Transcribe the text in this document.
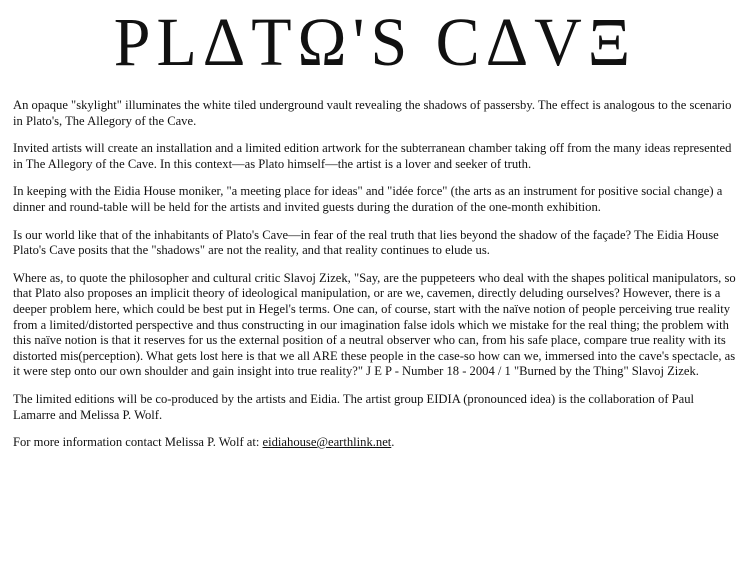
PLΔTΩ'S CΔVΞ

An opaque "skylight" illuminates the white tiled underground vault revealing the shadows of passersby. The effect is analogous to the scenario in Plato's, The Allegory of the Cave.

Invited artists will create an installation and a limited edition artwork for the subterranean chamber taking off from the many ideas represented in The Allegory of the Cave. In this context—as Plato himself—the artist is a lover and seeker of truth.

In keeping with the Eidia House moniker, "a meeting place for ideas" and "idée force" (the arts as an instrument for positive social change) a dinner and round-table will be held for the artists and invited guests during the duration of the one-month exhibition.

Is our world like that of the inhabitants of Plato's Cave—in fear of the real truth that lies beyond the shadow of the façade? The Eidia House Plato's Cave posits that the "shadows" are not the reality, and that reality continues to elude us.

Where as, to quote the philosopher and cultural critic Slavoj Zizek, "Say, are the puppeteers who deal with the shapes political manipulators, so that Plato also proposes an implicit theory of ideological manipulation, or are we, cavemen, directly deluding ourselves? However, there is a deeper problem here, which could be best put in Hegel's terms. One can, of course, start with the naïve notion of people perceiving true reality from a limited/distorted perspective and thus constructing in our imagination false idols which we mistake for the real thing; the problem with this naïve notion is that it reserves for us the external position of a neutral observer who can, from his safe place, compare true reality with its distorted mis(perception). What gets lost here is that we all ARE these people in the case-so how can we, immersed into the cave's spectacle, as it were step onto our own shoulder and gain insight into true reality?" J E P - Number 18 - 2004 / 1 "Burned by the Thing" Slavoj Zizek.

The limited editions will be co-produced by the artists and Eidia. The artist group EIDIA (pronounced idea) is the collaboration of Paul Lamarre and Melissa P. Wolf.

For more information contact Melissa P. Wolf at: eidiahouse@earthlink.net.
